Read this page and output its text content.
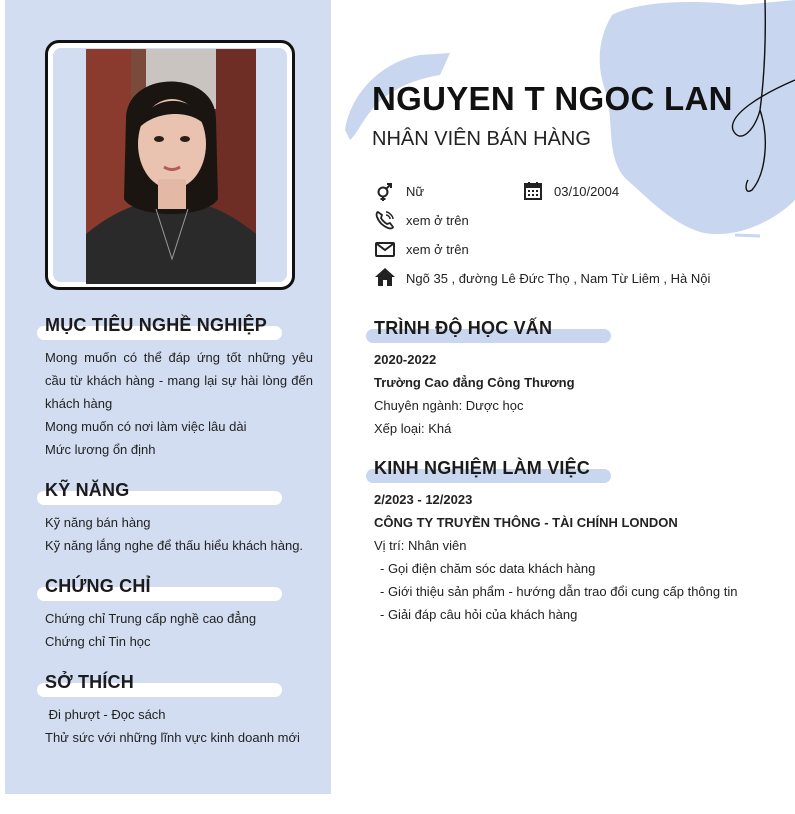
MỤC TIÊU NGHỀ NGHIỆP
Mong muốn có thể đáp ứng tốt những yêu cầu từ khách hàng - mang lại sự hài lòng đến khách hàng
Mong muốn có nơi làm việc lâu dài
Mức lương ổn định
KỸ NĂNG
Kỹ năng bán hàng
Kỹ năng lắng nghe để thấu hiểu khách hàng.
CHỨNG CHỈ
Chứng chỉ Trung cấp nghề cao đẳng
Chứng chỉ Tin học
SỞ THÍCH
Đi phượt - Đọc sách
Thử sức với những lĩnh vực kinh doanh mới
NGUYEN T NGOC LAN
NHÂN VIÊN BÁN HÀNG
Nữ	03/10/2004
xem ở trên
xem ở trên
Ngõ 35 , đường Lê Đức Thọ , Nam Từ Liêm , Hà Nội
TRÌNH ĐỘ HỌC VẤN
2020-2022
Trường Cao đẳng Công Thương
Chuyên ngành: Dược học
Xếp loại: Khá
KINH NGHIỆM LÀM VIỆC
2/2023 - 12/2023
CÔNG TY TRUYỀN THÔNG - TÀI CHÍNH LONDON
Vị trí: Nhân viên
- Gọi điện chăm sóc data khách hàng
- Giới thiệu sản phẩm - hướng dẫn trao đổi cung cấp thông tin
- Giải đáp câu hỏi của khách hàng
